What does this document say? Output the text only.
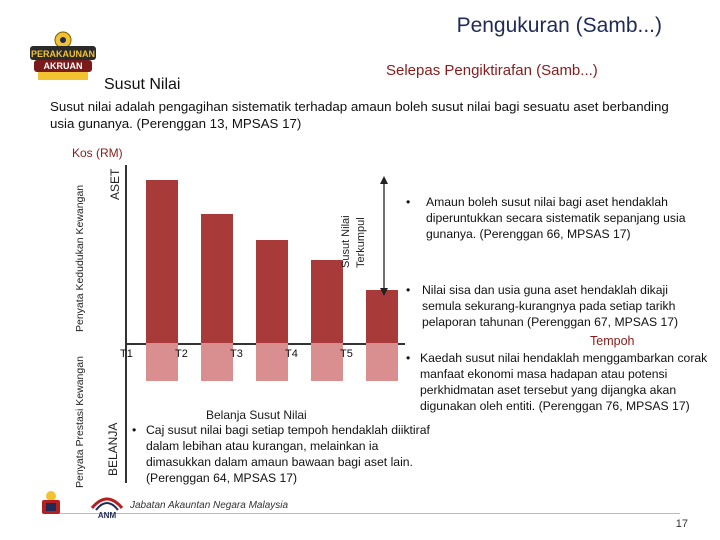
Pengukuran (Samb...)
PERAKAUNAN
AKRUAN	Selepas Pengiktirafan (Samb...)
Susut Nilai
Susut nilai adalah pengagihan sistematik terhadap amaun boleh susut nilai bagi sesuatu aset berbanding usia gunanya. (Perenggan 13, MPSAS 17)
Kos (RM)
Penyata Kedudukan Kewangan
Penyata Prestasi Kewangan
ASET
BELANJA
T1	T2	T3	T4	T5
Susut Nilai Terkumpul
Belanja Susut Nilai
•	Amaun boleh susut nilai bagi aset hendaklah diperuntukkan secara sistematik sepanjang usia gunanya. (Perenggan 66, MPSAS 17)
• Nilai sisa dan usia guna aset hendaklah dikaji semula sekurang-kurangnya pada setiap tarikh pelaporan tahunan (Perenggan 67, MPSAS 17)
Tempoh
• Kaedah susut nilai hendaklah menggambarkan corak manfaat ekonomi masa hadapan atau potensi perkhidmatan aset tersebut yang dijangka akan digunakan oleh entiti. (Perenggan 76, MPSAS 17)
• Caj susut nilai bagi setiap tempoh hendaklah diiktiraf dalam lebihan atau kurangan, melainkan ia dimasukkan dalam amaun bawaan bagi aset lain. (Perenggan 64, MPSAS 17)
ANM
Jabatan Akauntan Negara Malaysia
17
